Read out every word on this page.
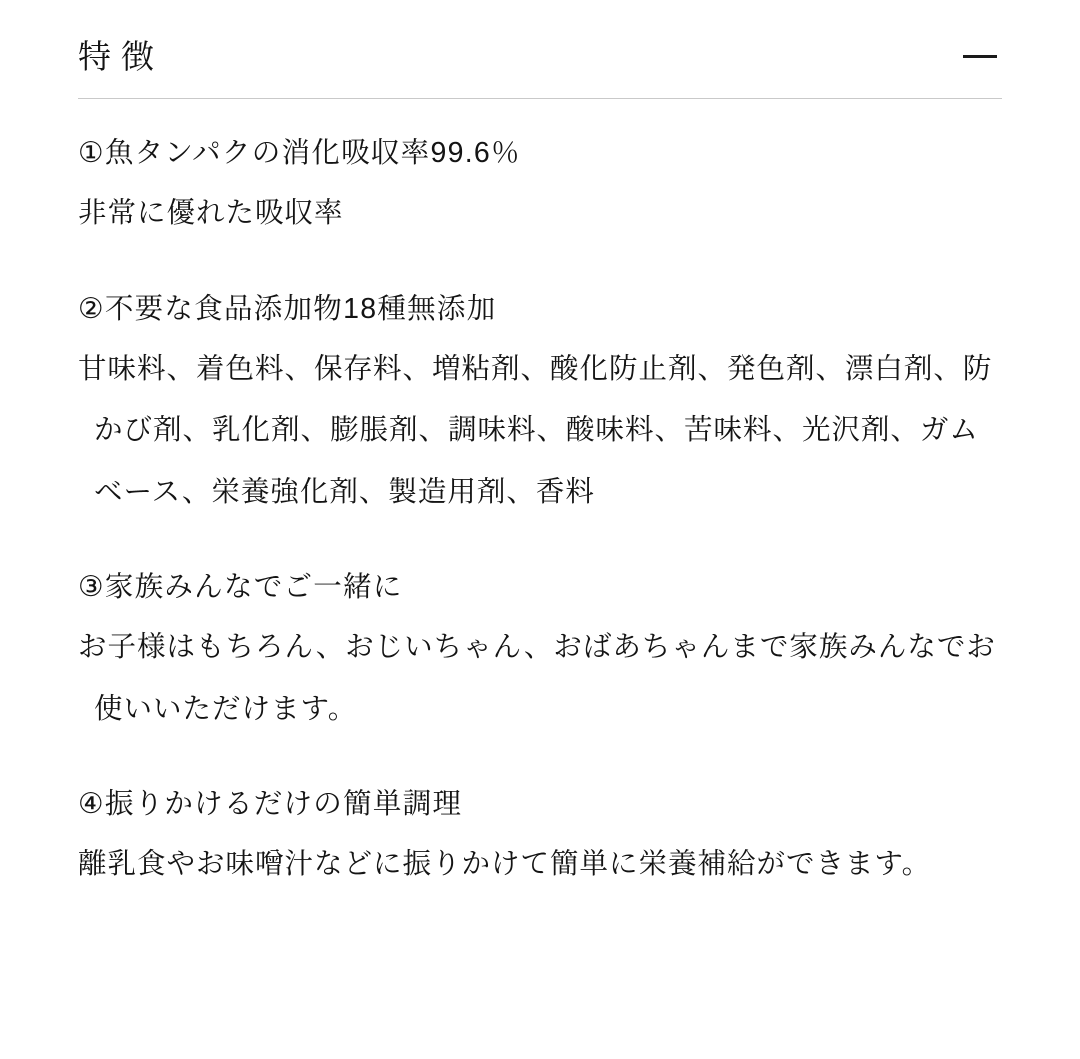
特徴

①魚タンパクの消化吸収率99.6％

非常に優れた吸収率

②不要な食品添加物18種無添加

甘味料、着色料、保存料、増粘剤、酸化防止剤、発色剤、漂白剤、防かび剤、乳化剤、膨脹剤、調味料、酸味料、苦味料、光沢剤、ガムベース、栄養強化剤、製造用剤、香料

③家族みんなでご一緒に

お子様はもちろん、おじいちゃん、おばあちゃんまで家族みんなでお使いいただけます。

④振りかけるだけの簡単調理

離乳食やお味噌汁などに振りかけて簡単に栄養補給ができます。
